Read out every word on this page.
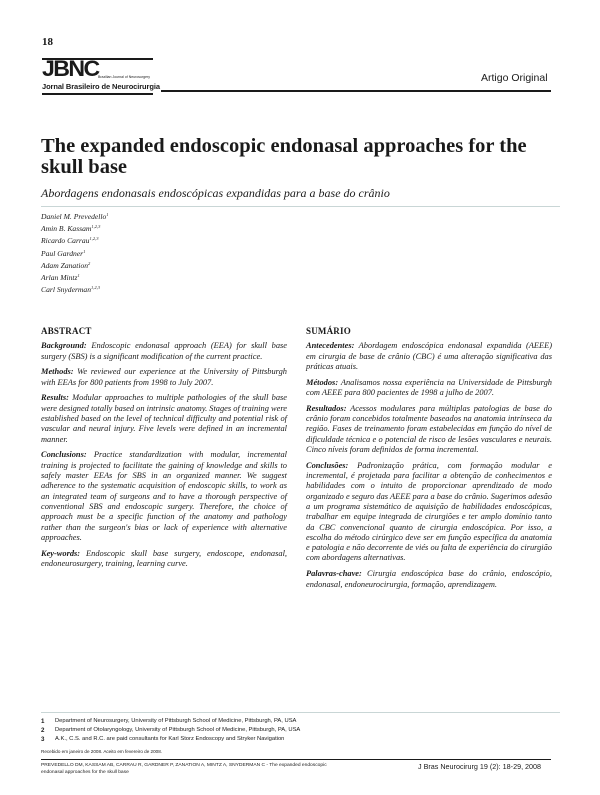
18
JBNC Brazilian Journal of Neurosurgery
Jornal Brasileiro de Neurocirurgia
Artigo Original
The expanded endoscopic endonasal approaches for the skull base
Abordagens endonasais endoscópicas expandidas para a base do crânio
Daniel M. Prevedello$^1$
Amin B. Kassam$^{1,2,3}$
Ricardo Carrau$^{1,2,3}$
Paul Gardner$^1$
Adam Zanation$^2$
Arlan Mintz$^1$
Carl Snyderman$^{1,2,3}$
ABSTRACT

Background: Endoscopic endonasal approach (EEA) for skull base surgery (SBS) is a significant modification of the current practice.

Methods: We reviewed our experience at the University of Pittsburgh with EEAs for 800 patients from 1998 to July 2007.

Results: Modular approaches to multiple pathologies of the skull base were designed totally based on intrinsic anatomy. Stages of training were established based on the level of technical difficulty and potential risk of vascular and neural injury. Five levels were defined in an incremental manner.

Conclusions: Practice standardization with modular, incremental training is projected to facilitate the gaining of knowledge and skills to safely master EEAs for SBS in an organized manner. We suggest adherence to the systematic acquisition of endoscopic skills, to work as an integrated team of surgeons and to have a thorough perspective of conventional SBS and endoscopic surgery. Therefore, the choice of approach must be a specific function of the anatomy and pathology rather than the surgeon's bias or lack of experience with alternative approaches.

Key-words: Endoscopic skull base surgery, endoscope, endonasal, endoneurosurgery, training, learning curve.

SUMÁRIO

Antecedentes: Abordagem endoscópica endonasal expandida (AEEE) em cirurgia de base de crânio (CBC) é uma alteração significativa das práticas atuais.

Métodos: Analisamos nossa experiência na Universidade de Pittsburgh com AEEE para 800 pacientes de 1998 a julho de 2007.

Resultados: Acessos modulares para múltiplas patologias de base do crânio foram concebidos totalmente baseados na anatomia intrínseca da região. Fases de treinamento foram estabelecidas em função do nível de dificuldade técnica e o potencial de risco de lesões vasculares e neurais. Cinco níveis foram definidos de forma incremental.

Conclusões: Padronização prática, com formação modular e incremental, é projetada para facilitar a obtenção de conhecimentos e habilidades com o intuito de proporcionar aprendizado de modo organizado e seguro das AEEE para a base do crânio. Sugerimos adesão a um programa sistemático de aquisição de habilidades endoscópicas, trabalhar em equipe integrada de cirurgiões e ter amplo domínio tanto da CBC convencional quanto de cirurgia endoscópica. Por isso, a escolha do método cirúrgico deve ser em função específica da anatomia e patologia e não decorrente de viés ou falta de experiência do cirurgião com abordagens alternativas.

Palavras-chave: Cirurgia endoscópica base do crânio, endoscópio, endonasal, endoneurocirurgia, formação, aprendizagem.

1	Department of Neurosurgery, University of Pittsburgh School of Medicine, Pittsburgh, PA, USA
2	Department of Otolaryngology, University of Pittsburgh School of Medicine, Pittsburgh, PA, USA
3	A.K., C.S. and R.C. are paid consultants for Karl Storz Endoscopy and Stryker Navigation
Recebido em janeiro de 2008. Aceito em fevereiro de 2008.
PREVEDELLO DM, KASSAM AB, CARRAU R, GARDNER P, ZANATION A, MINTZ A, SNYDERMAN C - The expanded endoscopic endonasal approaches for the skull base
J Bras Neurocirurg 19 (2): 18-29, 2008
